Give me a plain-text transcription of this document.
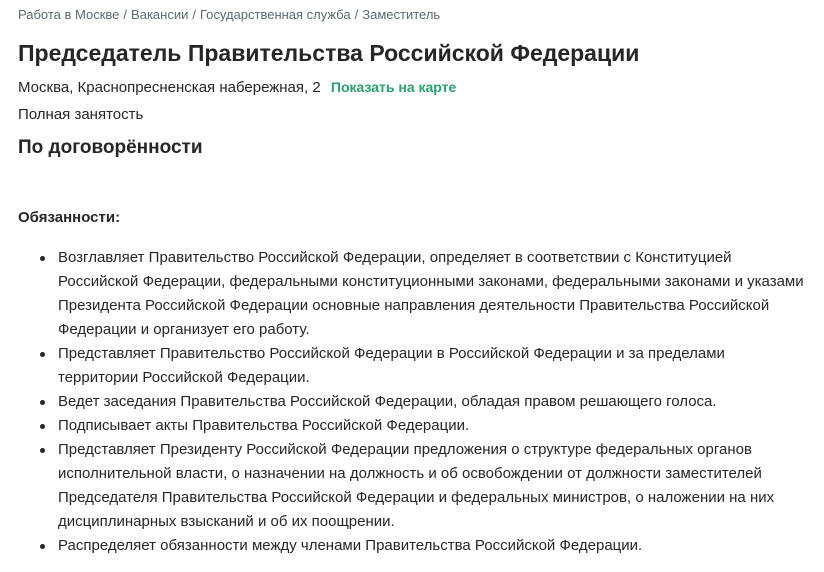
Работа в Москве / Вакансии / Государственная служба / Заместитель
Председатель Правительства Российской Федерации
Москва, Краснопресненская набережная, 2 Показать на карте
Полная занятость
По договорённости
Обязанности:
Возглавляет Правительство Российской Федерации, определяет в соответствии с Конституцией Российской Федерации, федеральными конституционными законами, федеральными законами и указами Президента Российской Федерации основные направления деятельности Правительства Российской Федерации и организует его работу.
Представляет Правительство Российской Федерации в Российской Федерации и за пределами территории Российской Федерации.
Ведет заседания Правительства Российской Федерации, обладая правом решающего голоса.
Подписывает акты Правительства Российской Федерации.
Представляет Президенту Российской Федерации предложения о структуре федеральных органов исполнительной власти, о назначении на должность и об освобождении от должности заместителей Председателя Правительства Российской Федерации и федеральных министров, о наложении на них дисциплинарных взысканий и об их поощрении.
Распределяет обязанности между членами Правительства Российской Федерации.
